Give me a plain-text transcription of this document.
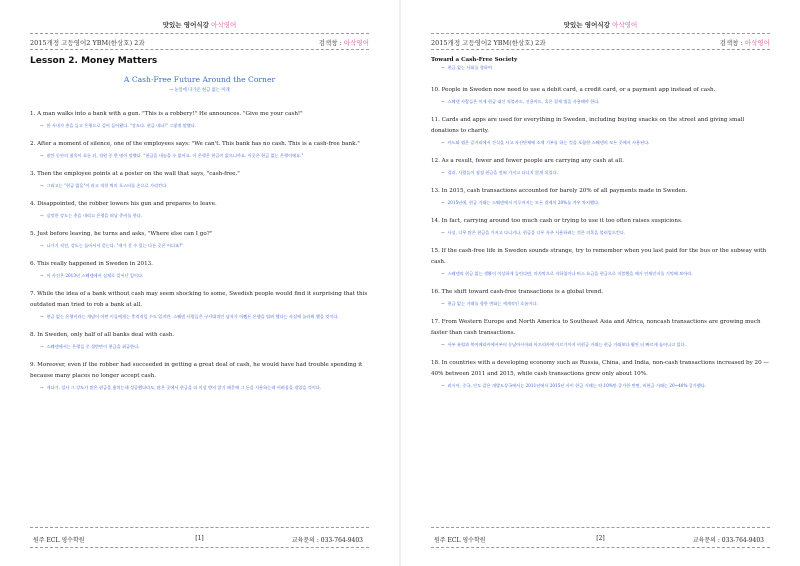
맛있는 영어식강 아삭영어
2015개정 고등영어2 YBM(한상호) 2과	검색창 : 아삭영어
Lesson 2. Money Matters
A Cash-Free Future Around the Corner
→ 눈앞에 다가온 현금 없는 미래
1. A man walks into a bank with a gun. "This is a robbery!" He announces. "Give me your cash!"
→ 한 사내가 총을 들고 은행으로 걸어 들어왔다. "강도다. 현금 내놔!" 그렇게 말했다.
2. After a moment of silence, one of the employees says: "We can't. This bank has no cash. This is a cash-free bank."
→ 잠깐 동안의 침묵이 흐른 뒤, 직원 중 한 명이 말했다. "현금을 내놓을 수 없어요. 이 은행은 현금이 없으니까요. 이곳은 현금 없는 은행이에요."
3. Then the employee points at a poster on the wall that says, "cash-free."
→ 그리고는 "현금 없음"이 라고 적힌 벽의 포스터를 손으로 가리킨다.
4. Disappointed, the robber lowers his gun and prepares to leave.
→ 실망한 강도는 총을 내리고 은행을 떠날 준비를 한다.
5. Just before leaving, he turns and asks, "Where else can I go?"
→ 나가기 직전, 강도는 돌아서서 묻는다. "제가 갈 수 있는 다른 곳은 어디죠?"
6. This really happened in Sweden in 2013.
→ 이 사건은 2013년 스웨덴에서 실제로 일어난 일이다.
7. While the idea of a bank without cash may seem shocking to some, Swedish people would find it surprising that this outdated man tried to rob a bank at all.
→ 현금 없는 은행이라는 개념이 어떤 이들에게는 충격적일 수도 있지만, 스웨덴 사람들은 구시대적인 남자가 어쨌든 은행을 털려 했다는 사실에 놀라워 했을 것이다.
8. In Sweden, only half of all banks deal with cash.
→ 스웨덴에서는 은행들 중 절반만이 현금을 취급한다.
9. Moreover, even if the robber had succeeded in getting a great deal of cash, he would have had trouble spending it because many places no longer accept cash.
→ 게다가, 설사 그 강도가 많은 현금을 훔치는데 성공했더라도, 많은 곳에서 현금을 더 이상 받지 않기 때문에 그 돈을 사용하는데 어려움을 겪었을 것이다.
원주 ECL 영수학원	[1]	교육문의 : 033-764-9403
맛있는 영어식강 아삭영어
2015개정 고등영어2 YBM(한상호) 2과	검색창 : 아삭영어
Toward a Cash-Free Society
→ 현금 없는 사회를 향하여
10. People in Sweden now need to use a debit card, a credit card, or a payment app instead of cash.
→ 스웨덴 사람들은 이제 현금 대신 직불카드, 신용카드, 혹은 결제 앱을 사용해야 한다.
11. Cards and apps are used for everything in Sweden, including buying snacks on the street and giving small donations to charity.
→ 카드와 앱은 길거리에서 간식을 사고 자선단체에 소액 기부를 하는 것을 포함한 스웨덴의 모든 곳에서 사용된다.
12. As a result, fewer and fewer people are carrying any cash at all.
→ 결과, 사람들이 점점 현금을 전혀 가지고 다니지 않게 되었다.
13. In 2015, cash transactions accounted for barely 20% of all payments made in Sweden.
→ 2015년에, 현금 거래는 스웨덴에서 이루어지는 모든 결제의 20%를 겨우 차지했다.
14. In fact, carrying around too much cash or trying to use it too often raises suspicions.
→ 사실, 너무 많은 현금을 가지고 다니거나, 현금을 너무 자주 사용하려는 것은 의혹을 불러일으킨다.
15. If the cash-free life in Sweden sounds strange, try to remember when you last paid for the bus or the subway with cash.
→ 스웨덴의 현금 없는 생활이 이상하게 들린다면, 마지막으로 지하철이나 버스 요금을 현금으로 지불했을 때가 언제인지를 기억해 보아라.
16. The shift toward cash-free transactions is a global trend.
→ 현금 없는 거래를 향한 변화는 세계적인 흐름이다.
17. From Western Europe and North America to Southeast Asia and Africa, noncash transactions are growing much faster than cash transactions.
→ 서부 유럽과 북아메리카에서부터 동남아시아와 아프리카에 이르기까지 비현금 거래는 현금 거래보다 훨씬 더 빠르게 늘어나고 있다.
18. In countries with a developing economy such as Russia, China, and India, non-cash transactions increased by 20 — 40% between 2011 and 2015, while cash transactions grew only about 10%.
→ 러시아, 중국, 인도 같은 개발도상국에서는 2011년에서 2015년 사이 현금 거래는 약 10%만 증가한 반면, 비현금 거래는 20~40% 증가했다.
원주 ECL 영수학원	[2]	교육문의 : 033-764-9403
